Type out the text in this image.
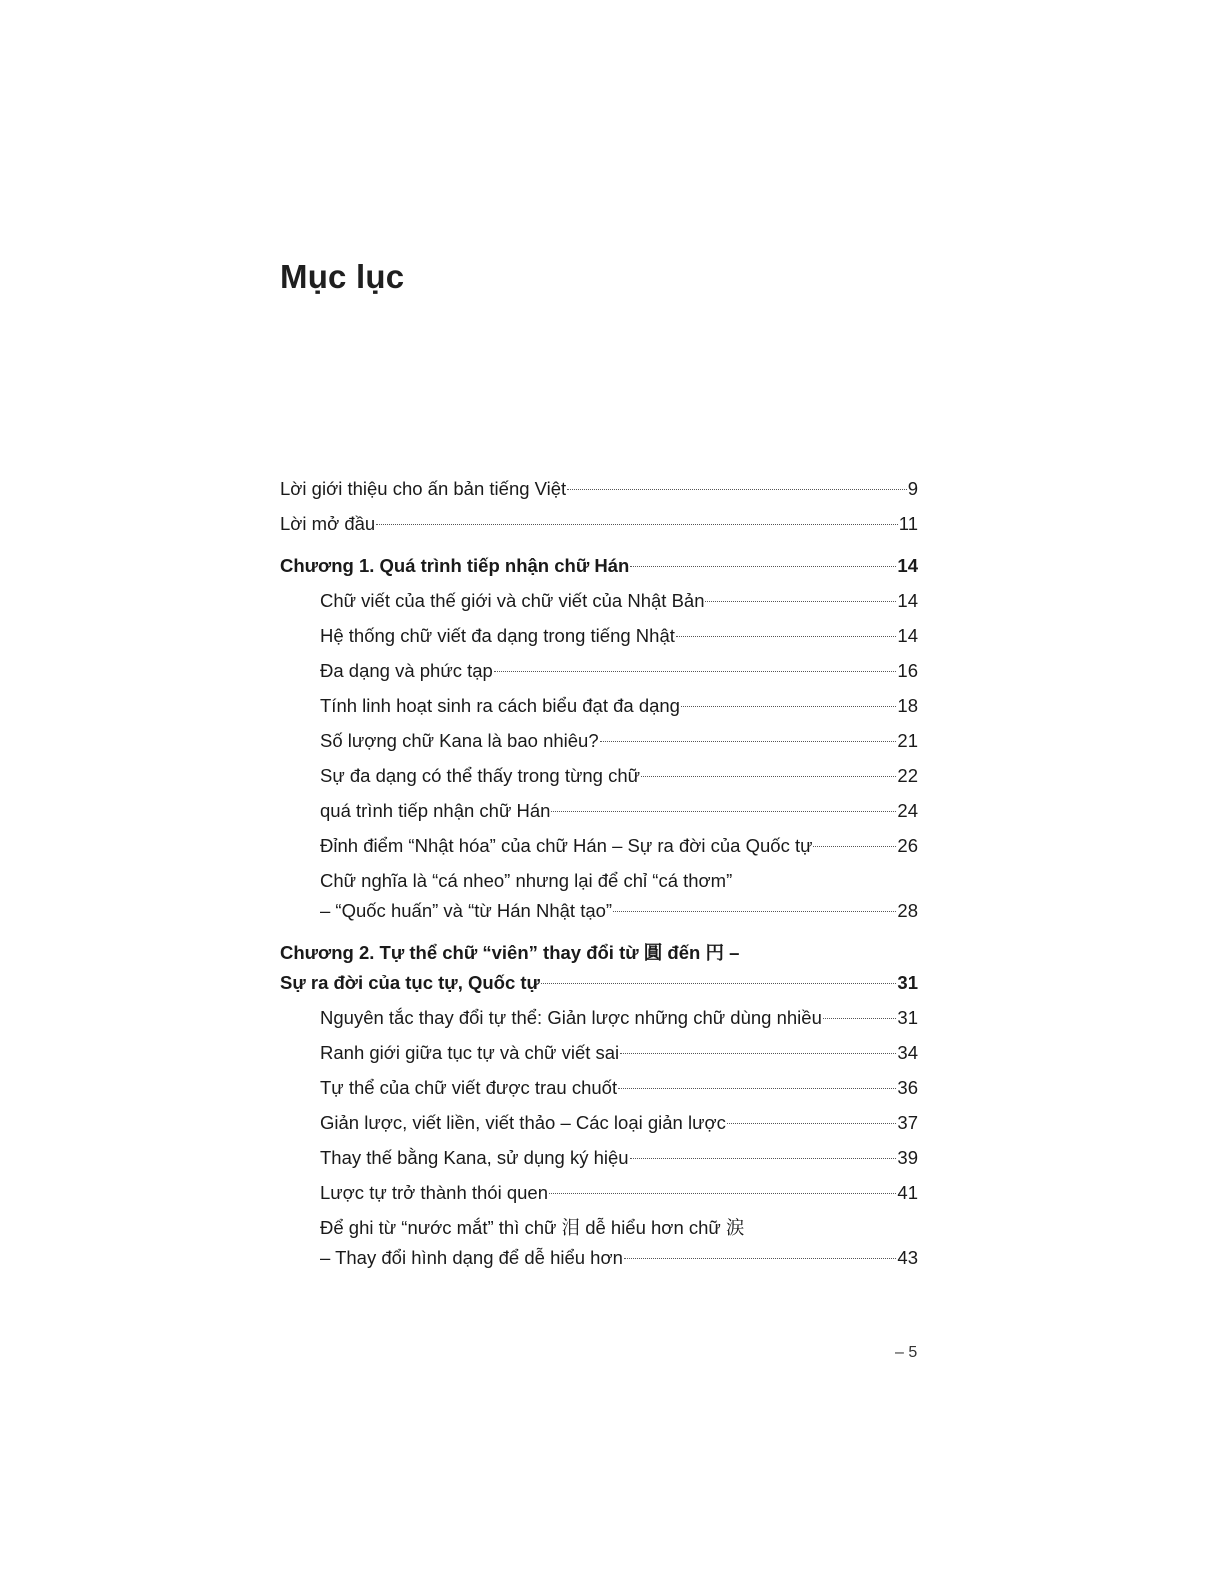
Mục lục
Lời giới thiệu cho ấn bản tiếng Việt	9
Lời mở đầu	11
Chương 1. Quá trình tiếp nhận chữ Hán	14
Chữ viết của thế giới và chữ viết của Nhật Bản	14
Hệ thống chữ viết đa dạng trong tiếng Nhật	14
Đa dạng và phức tạp	16
Tính linh hoạt sinh ra cách biểu đạt đa dạng	18
Số lượng chữ Kana là bao nhiêu?	21
Sự đa dạng có thể thấy trong từng chữ	22
quá trình tiếp nhận chữ Hán	24
Đỉnh điểm “Nhật hóa” của chữ Hán – Sự ra đời của Quốc tự	26
Chữ nghĩa là “cá nheo” nhưng lại để chỉ “cá thơm”
– “Quốc huấn” và “từ Hán Nhật tạo”	28
Chương 2. Tự thể chữ “viên” thay đổi từ 圓 đến 円 –
Sự ra đời của tục tự, Quốc tự	31
Nguyên tắc thay đổi tự thể: Giản lược những chữ dùng nhiều	31
Ranh giới giữa tục tự và chữ viết sai	34
Tự thể của chữ viết được trau chuốt	36
Giản lược, viết liền, viết thảo – Các loại giản lược	37
Thay thế bằng Kana, sử dụng ký hiệu	39
Lược tự trở thành thói quen	41
Để ghi từ “nước mắt” thì chữ 泪 dễ hiểu hơn chữ 涙
– Thay đổi hình dạng để dễ hiểu hơn	43
– 5
